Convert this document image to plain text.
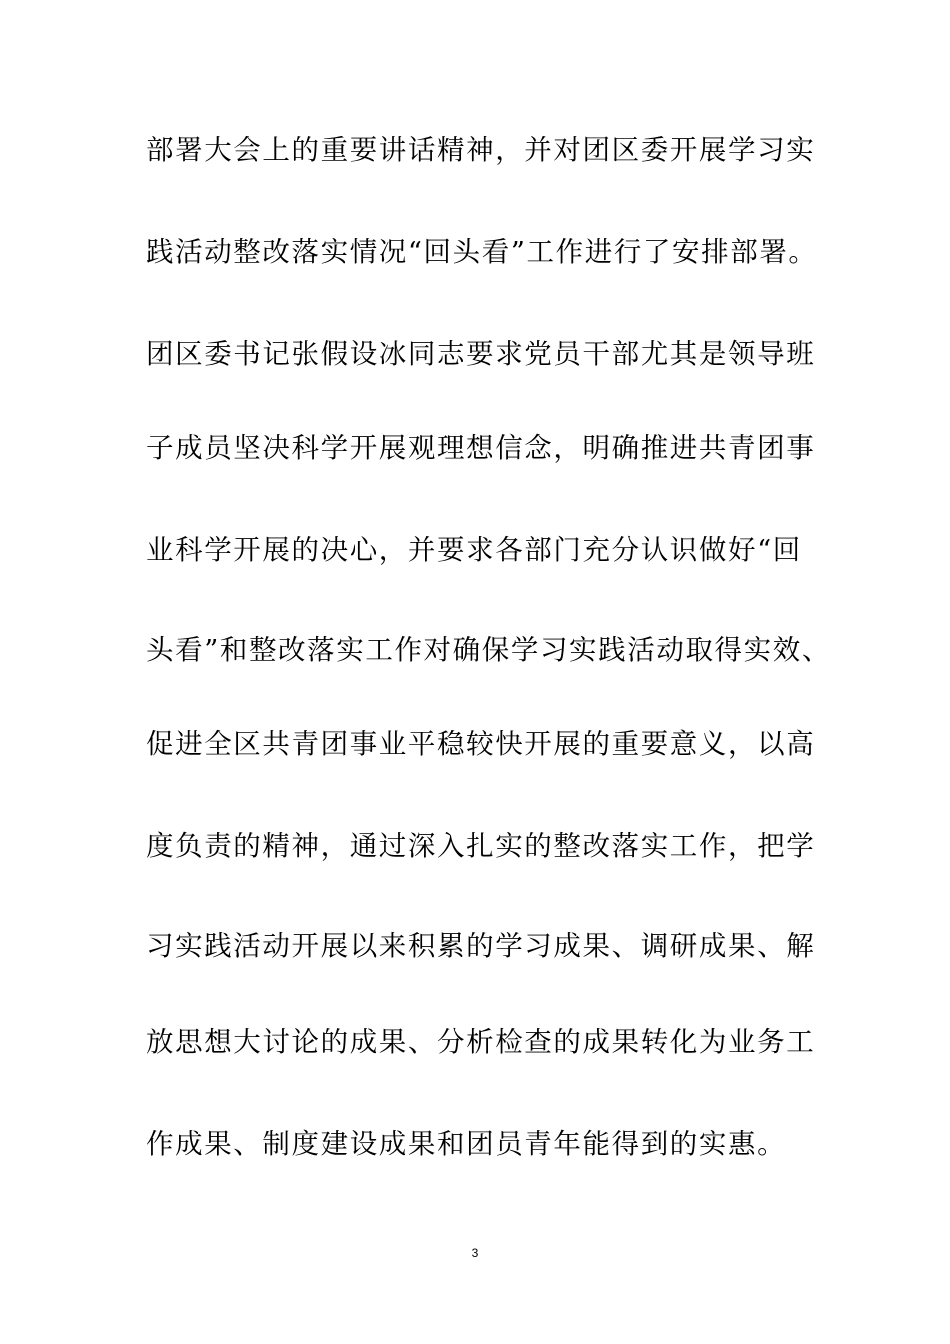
部署大会上的重要讲话精神，并对团区委开展学习实
践活动整改落实情况“回头看”工作进行了安排部署。
团区委书记张假设冰同志要求党员干部尤其是领导班
子成员坚决科学开展观理想信念，明确推进共青团事
业科学开展的决心，并要求各部门充分认识做好“回
头看”和整改落实工作对确保学习实践活动取得实效、
促进全区共青团事业平稳较快开展的重要意义，以高
度负责的精神，通过深入扎实的整改落实工作，把学
习实践活动开展以来积累的学习成果、调研成果、解
放思想大讨论的成果、分析检查的成果转化为业务工
作成果、制度建设成果和团员青年能得到的实惠。
3
